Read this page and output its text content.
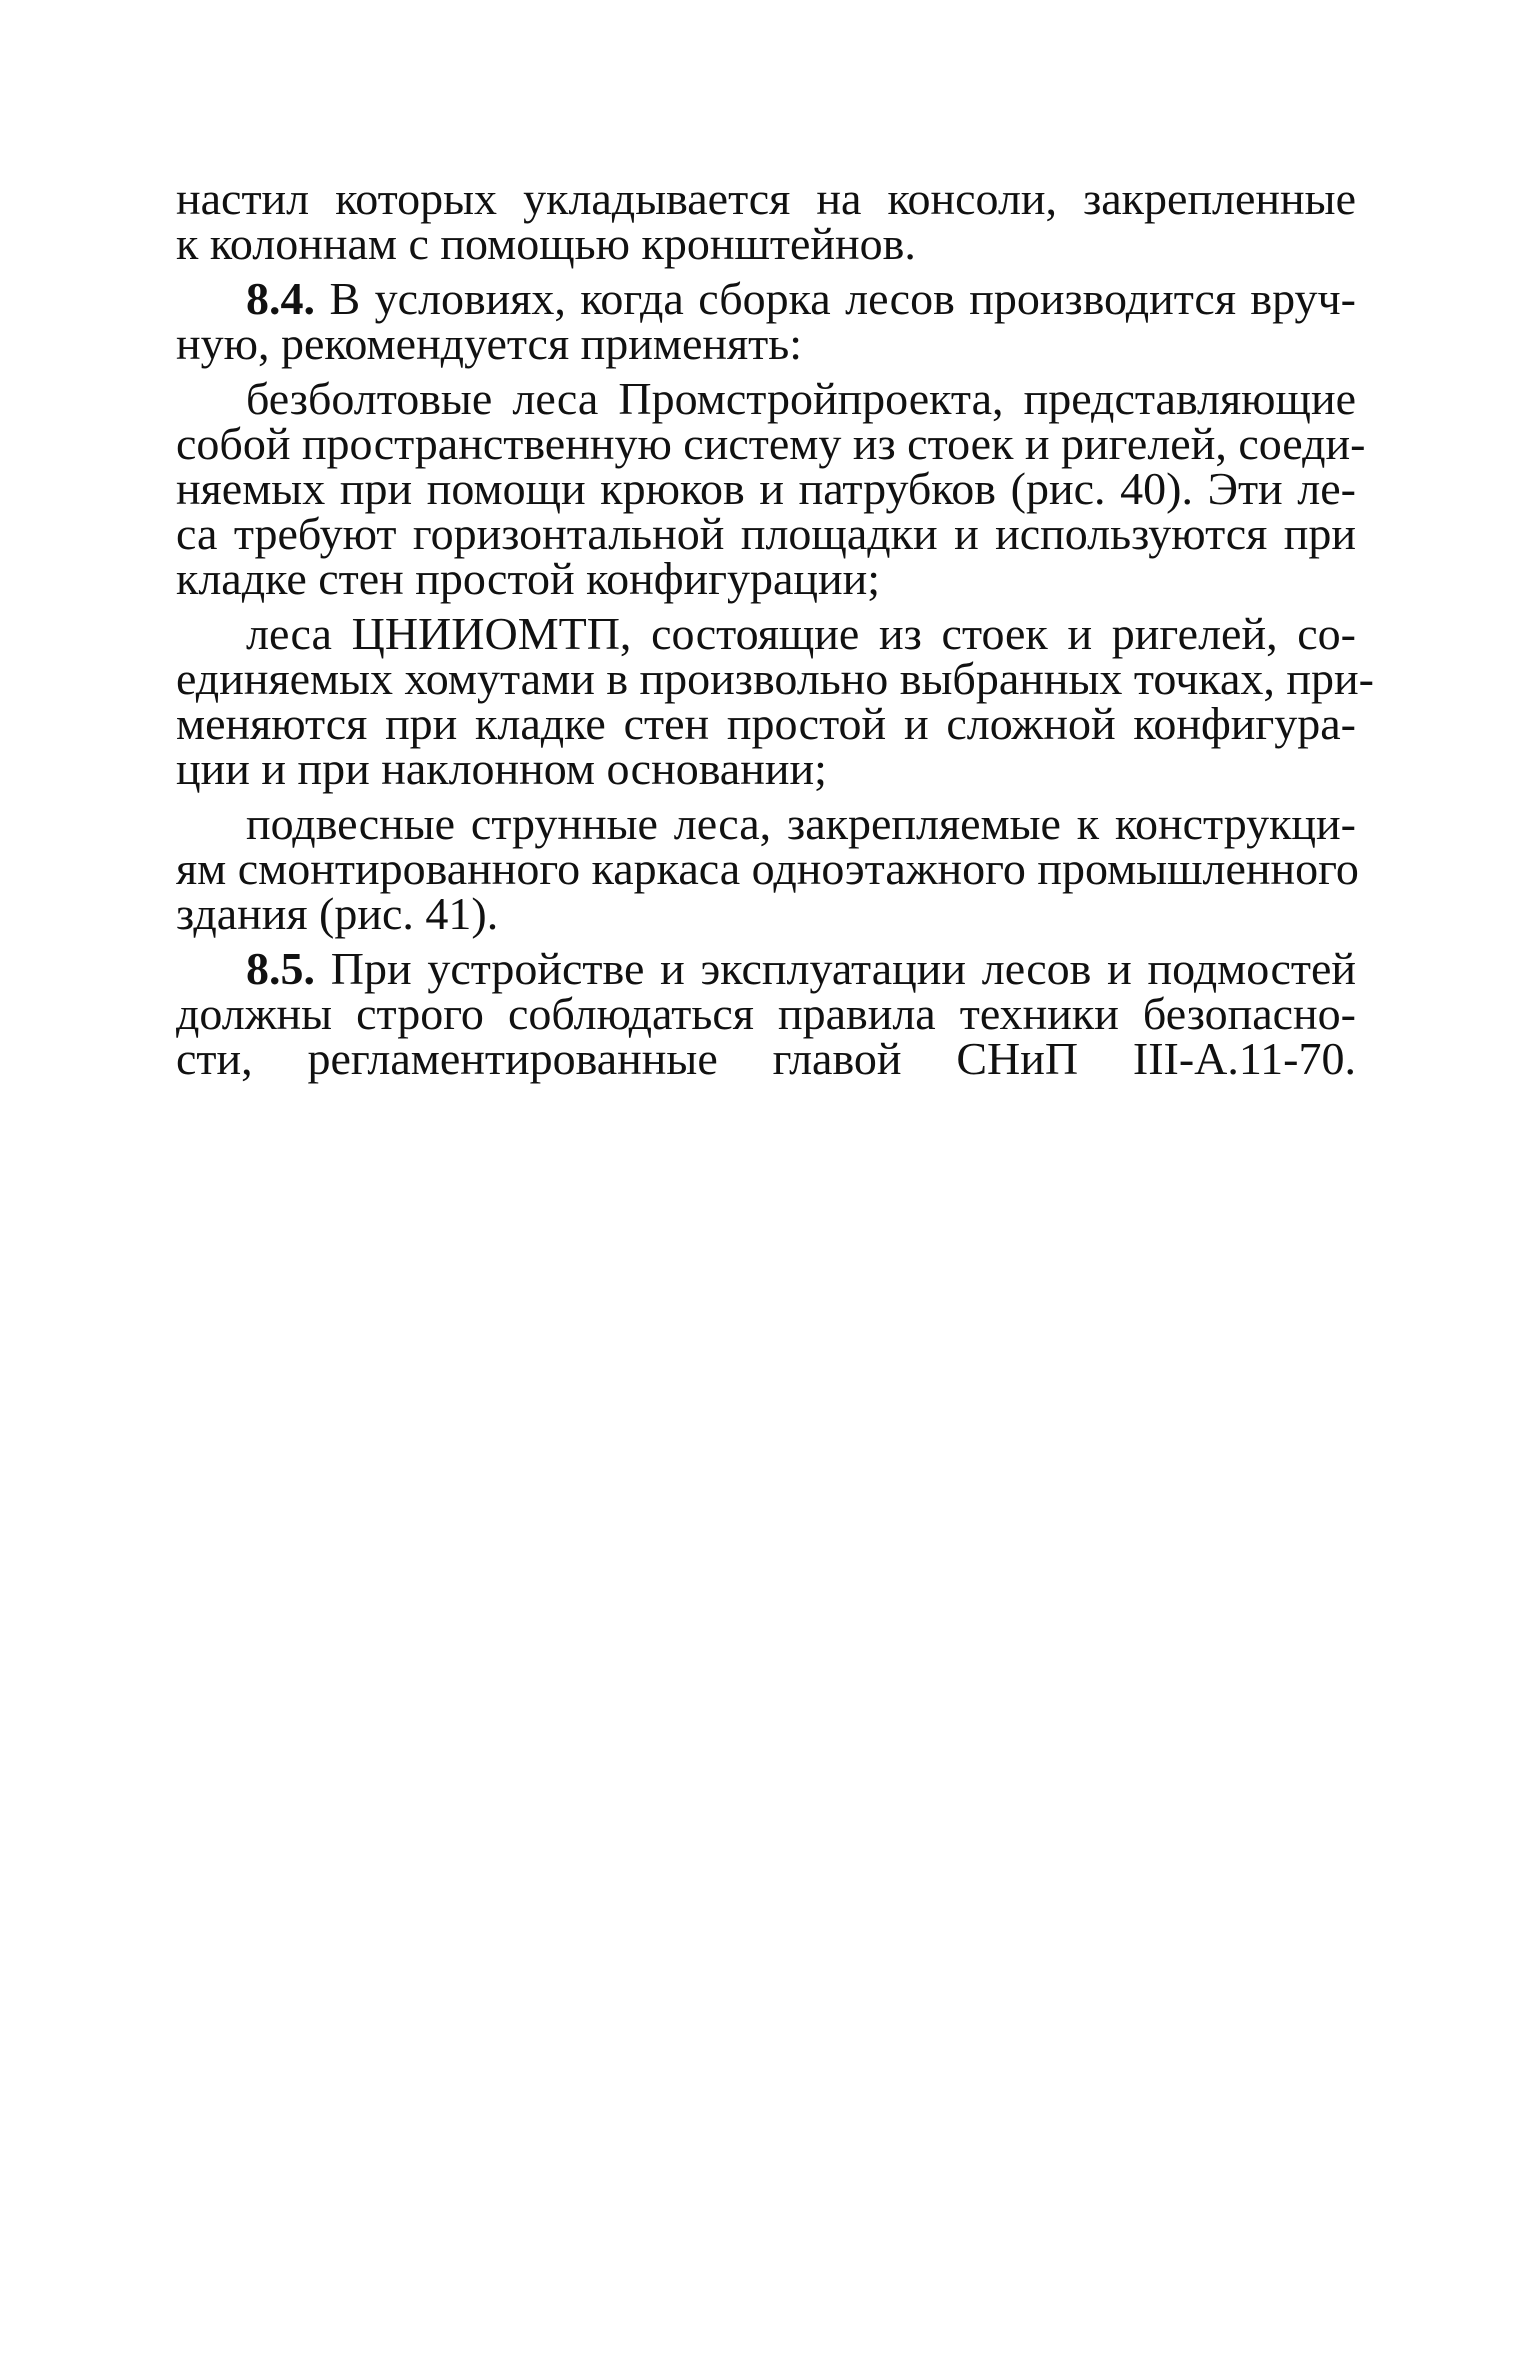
настил которых укладывается на консоли, закрепленные
к колоннам с помощью кронштейнов.
8.4. В условиях, когда сборка лесов производится вруч-
ную, рекомендуется применять:
безболтовые леса Промстройпроекта, представляющие
собой пространственную систему из стоек и ригелей, соеди-
няемых при помощи крюков и патрубков (рис. 40). Эти ле-
са требуют горизонтальной площадки и используются при
кладке стен простой конфигурации;
леса ЦНИИОМТП, состоящие из стоек и ригелей, со-
единяемых хомутами в произвольно выбранных точках, при-
меняются при кладке стен простой и сложной конфигура-
ции и при наклонном основании;
подвесные струнные леса, закрепляемые к конструкци-
ям смонтированного каркаса одноэтажного промышленного
здания (рис. 41).
8.5. При устройстве и эксплуатации лесов и подмостей
должны строго соблюдаться правила техники безопасно-
сти, регламентированные главой СНиП III-А.11-70.
